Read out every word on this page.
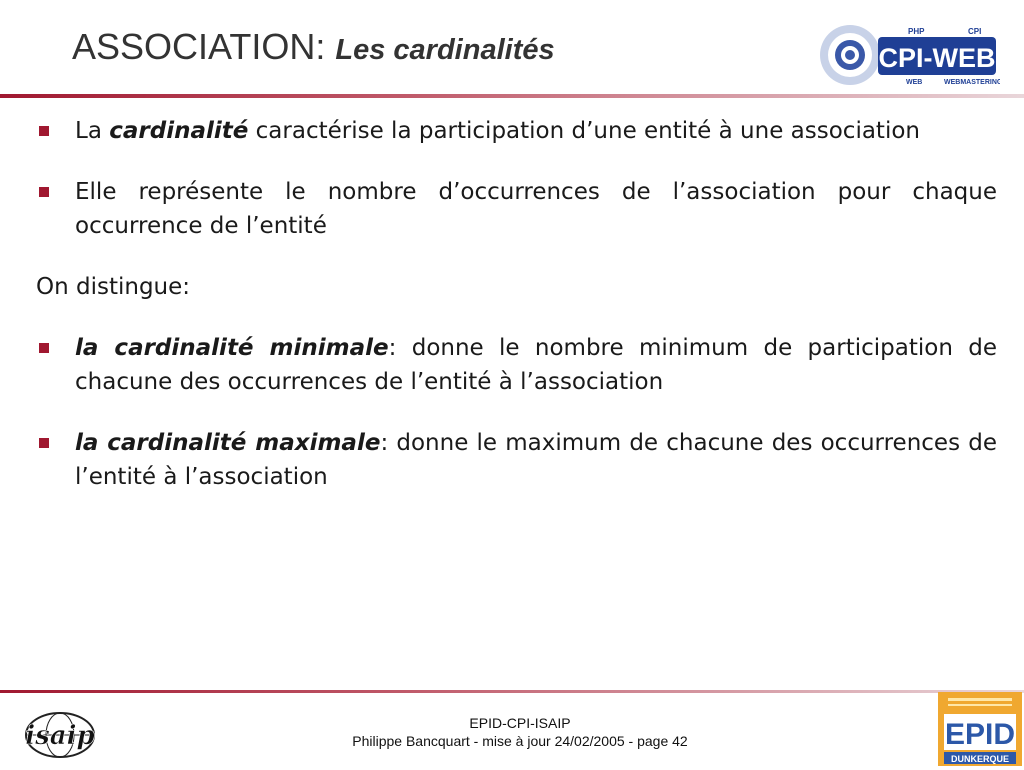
ASSOCIATION: Les cardinalités	CPI-WEB
PHP	CPI
WEB	WEBMASTERING
La cardinalité caractérise la participation d’une entité à une association
Elle représente le nombre d’occurrences de l’association pour chaque occurrence de l’entité
On distingue:
la cardinalité minimale: donne le nombre minimum de participation de chacune des occurrences de l’entité à l’association
la cardinalité maximale: donne le maximum de chacune des occurrences de l’entité à l’association
isaip	EPID-CPI-ISAIP
Philippe Bancquart - mise à jour 24/02/2005 - page 42	EPID
DUNKERQUE
